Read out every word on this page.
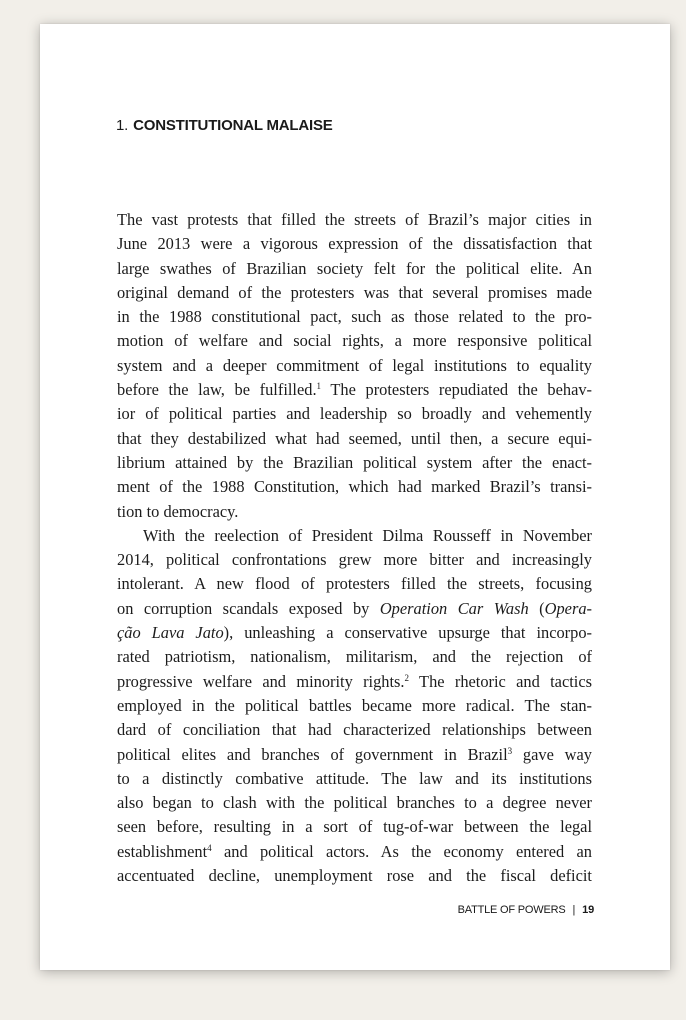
1. CONSTITUTIONAL MALAISE
The vast protests that filled the streets of Brazil’s major cities in
June 2013 were a vigorous expression of the dissatisfaction that
large swathes of Brazilian society felt for the political elite. An
original demand of the protesters was that several promises made
in the 1988 constitutional pact, such as those related to the pro-
motion of welfare and social rights, a more responsive political
system and a deeper commitment of legal institutions to equality
before the law, be fulfilled.$^1$ The protesters repudiated the behav-
ior of political parties and leadership so broadly and vehemently
that they destabilized what had seemed, until then, a secure equi-
librium attained by the Brazilian political system after the enact-
ment of the 1988 Constitution, which had marked Brazil’s transi-
tion to democracy.
With the reelection of President Dilma Rousseff in November
2014, political confrontations grew more bitter and increasingly
intolerant. A new flood of protesters filled the streets, focusing
on corruption scandals exposed by Operation Car Wash (Opera-
ção Lava Jato), unleashing a conservative upsurge that incorpo-
rated patriotism, nationalism, militarism, and the rejection of
progressive welfare and minority rights.$^2$ The rhetoric and tactics
employed in the political battles became more radical. The stan-
dard of conciliation that had characterized relationships between
political elites and branches of government in Brazil$^3$ gave way
to a distinctly combative attitude. The law and its institutions
also began to clash with the political branches to a degree never
seen before, resulting in a sort of tug-of-war between the legal
establishment$^4$ and political actors. As the economy entered an
accentuated decline, unemployment rose and the fiscal deficit
BATTLE OF POWERS | 19
